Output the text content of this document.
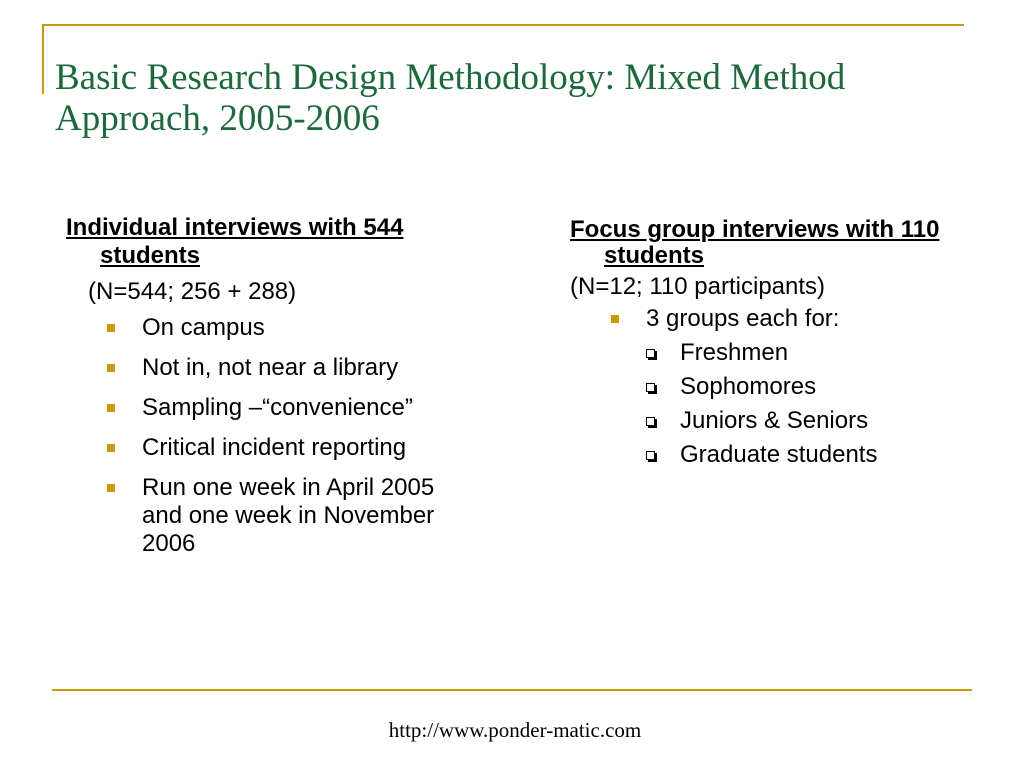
Basic Research Design Methodology: Mixed Method Approach, 2005-2006

Individual interviews with 544 students

(N=544; 256 + 288)

On campus
Not in, not near a library
Sampling –“convenience”
Critical incident reporting
Run one week in April 2005 and one week in November 2006

Focus group interviews with 110 students

(N=12; 110 participants)

3 groups each for:
Freshmen
Sophomores
Juniors & Seniors
Graduate students
http://www.ponder-matic.com
